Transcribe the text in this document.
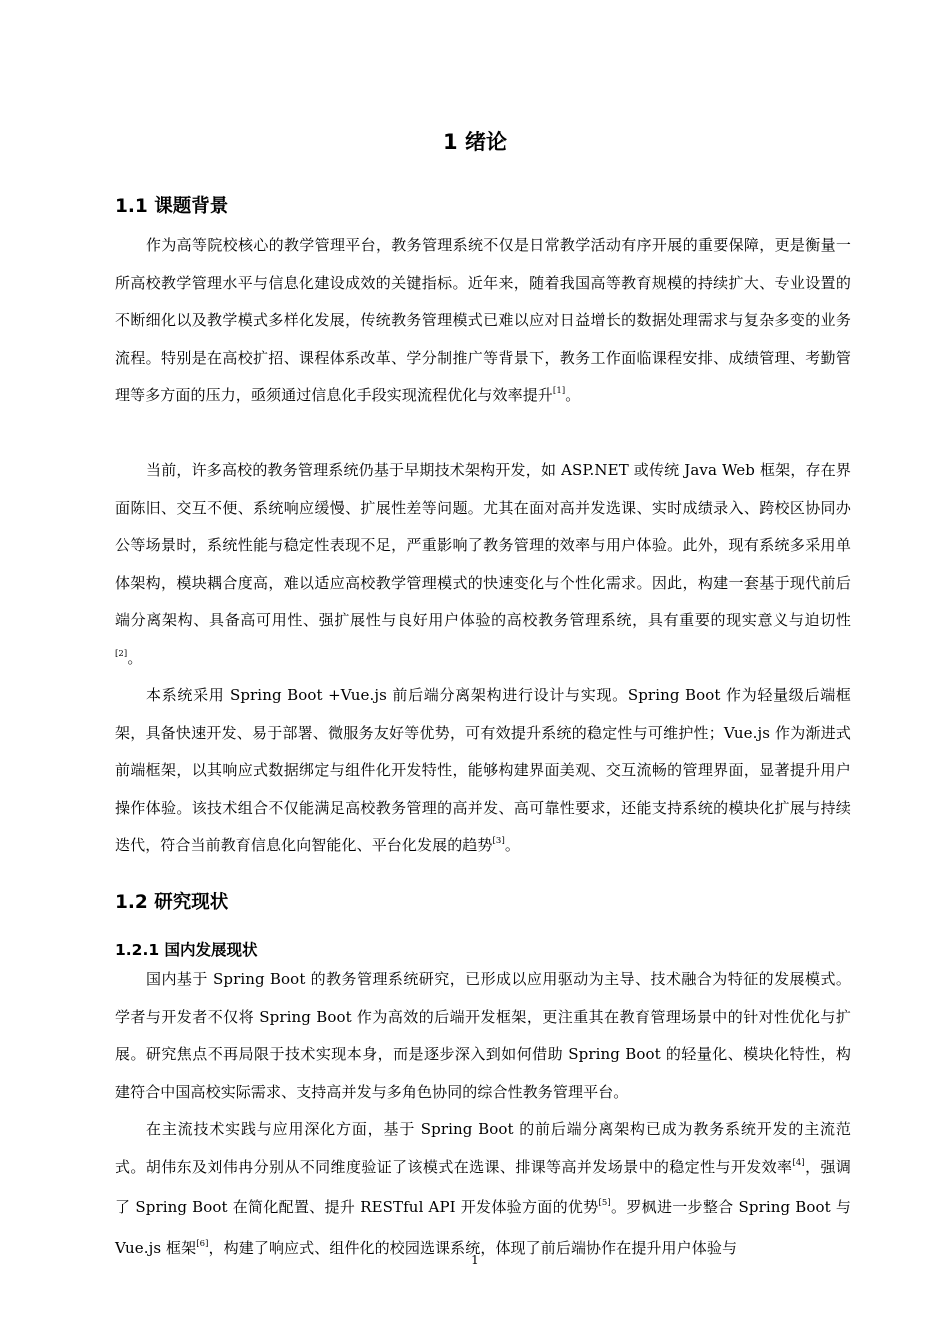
1 绪论
1.1 课题背景
作为高等院校核心的教学管理平台，教务管理系统不仅是日常教学活动有序开展的重要保障，更是衡量一所高校教学管理水平与信息化建设成效的关键指标。近年来，随着我国高等教育规模的持续扩大、专业设置的不断细化以及教学模式多样化发展，传统教务管理模式已难以应对日益增长的数据处理需求与复杂多变的业务流程。特别是在高校扩招、课程体系改革、学分制推广等背景下，教务工作面临课程安排、成绩管理、考勤管理等多方面的压力，亟须通过信息化手段实现流程优化与效率提升[1]。
当前，许多高校的教务管理系统仍基于早期技术架构开发，如 ASP.NET 或传统 Java Web 框架，存在界面陈旧、交互不便、系统响应缓慢、扩展性差等问题。尤其在面对高并发选课、实时成绩录入、跨校区协同办公等场景时，系统性能与稳定性表现不足，严重影响了教务管理的效率与用户体验。此外，现有系统多采用单体架构，模块耦合度高，难以适应高校教学管理模式的快速变化与个性化需求。因此，构建一套基于现代前后端分离架构、具备高可用性、强扩展性与良好用户体验的高校教务管理系统，具有重要的现实意义与迫切性[2]。
本系统采用 Spring Boot +Vue.js 前后端分离架构进行设计与实现。Spring Boot 作为轻量级后端框架，具备快速开发、易于部署、微服务友好等优势，可有效提升系统的稳定性与可维护性；Vue.js 作为渐进式前端框架，以其响应式数据绑定与组件化开发特性，能够构建界面美观、交互流畅的管理界面，显著提升用户操作体验。该技术组合不仅能满足高校教务管理的高并发、高可靠性要求，还能支持系统的模块化扩展与持续迭代，符合当前教育信息化向智能化、平台化发展的趋势[3]。
1.2 研究现状
1.2.1 国内发展现状
国内基于 Spring Boot 的教务管理系统研究，已形成以应用驱动为主导、技术融合为特征的发展模式。学者与开发者不仅将 Spring Boot 作为高效的后端开发框架，更注重其在教育管理场景中的针对性优化与扩展。研究焦点不再局限于技术实现本身，而是逐步深入到如何借助 Spring Boot 的轻量化、模块化特性，构建符合中国高校实际需求、支持高并发与多角色协同的综合性教务管理平台。
在主流技术实践与应用深化方面，基于 Spring Boot 的前后端分离架构已成为教务系统开发的主流范式。胡伟东及刘伟冉分别从不同维度验证了该模式在选课、排课等高并发场景中的稳定性与开发效率[4]，强调了 Spring Boot 在简化配置、提升 RESTful API 开发体验方面的优势[5]。罗枫进一步整合 Spring Boot 与 Vue.js 框架[6]，构建了响应式、组件化的校园选课系统，体现了前后端协作在提升用户体验与
1
